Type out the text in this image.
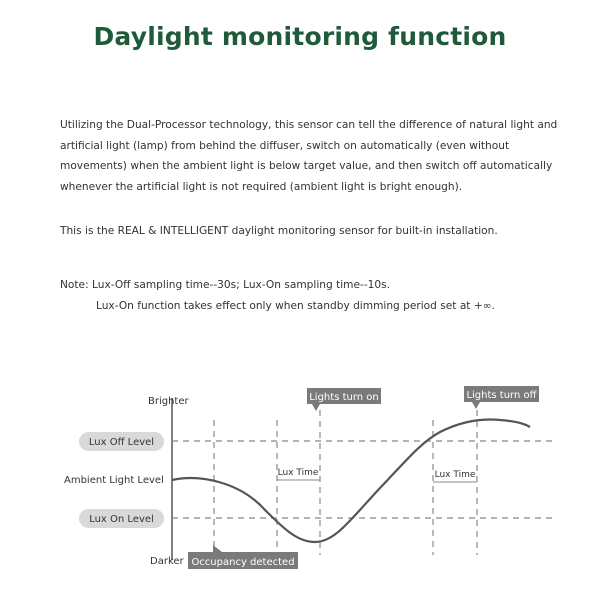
Daylight monitoring function

Utilizing the Dual-Processor technology, this sensor can tell the difference of natural light and artificial light (lamp) from behind the diffuser, switch on automatically (even without movements) when the ambient light is below target value, and then switch off automatically whenever the artificial light is not required (ambient light is bright enough).

This is the REAL & INTELLIGENT daylight monitoring sensor for built-in installation.

Note: Lux-Off sampling time--30s; Lux-On sampling time--10s.
Lux-On function takes effect only when standby dimming period set at +∞.
Brighter
Darker
Ambient Light Level
Lux Off Level
Lux On Level
Lights turn on	Lights turn off
Occupancy detected
Lux Time	Lux Time
